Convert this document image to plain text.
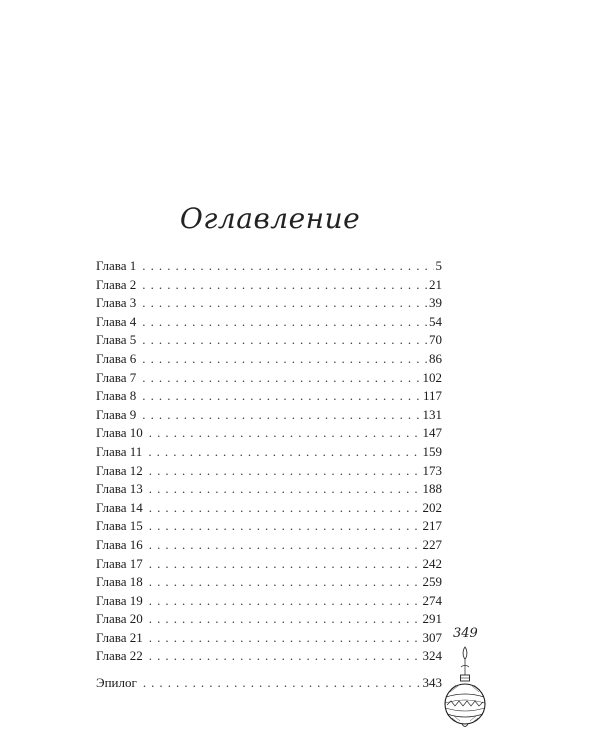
Оглавление
Глава 1 . . .	5
Глава 2 . . .	21
Глава 3 . . .	39
Глава 4 . . .	54
Глава 5 . . .	70
Глава 6 . . .	86
Глава 7 . . .	102
Глава 8 . . .	117
Глава 9 . . .	131
Глава 10 . . .	147
Глава 11 . . .	159
Глава 12 . . .	173
Глава 13 . . .	188
Глава 14 . . .	202
Глава 15 . . .	217
Глава 16 . . .	227
Глава 17 . . .	242
Глава 18 . . .	259
Глава 19 . . .	274
Глава 20 . . .	291
Глава 21 . . .	307
Глава 22 . . .	324
Эпилог . . .	343
349
